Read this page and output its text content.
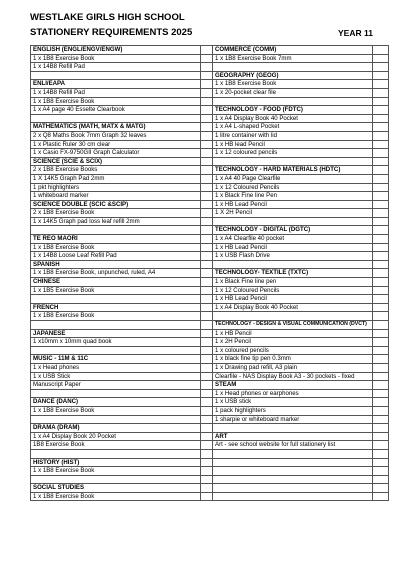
WESTLAKE GIRLS HIGH SCHOOL
STATIONERY REQUIREMENTS 2025	YEAR 11
ENGLISH (ENGL/ENGV/ENGW)	
1 x 1B8 Exercise Book	
1 x 14B8 Refill Pad	

ENLI/EAPA	
1 x 14B8 Refill Pad	
1 x 1B8 Exercise Book	
1 x A4 page 40 Esselte Clearbook	

MATHEMATICS (MATH, MATX & MATG)	
2 x Q8 Maths Book 7mm Graph 32 leaves	
1 x Plastic Ruler 30 cm clear	
1 x Casio FX-9750GII Graph Calculator	
SCIENCE (SCIE & SCIX)	
2 x 1B8 Exercise Books	
1 X 14K5 Graph Pad 2mm	
1 pkt highlighters	
1 whiteboard marker	
SCIENCE DOUBLE (SCIC &SCIP)	
2 x 1B8 Exercise Book	
1 x 14K5 Graph pad loss leaf refill 2mm	

TE REO MAORI	
1 x 1B8 Exercise Book	
1 x 14B8 Loose Leaf Refill Pad	
SPANISH	
1 x 1B8 Exercise Book, unpunched, ruled, A4	
CHINESE	
1 x 1B5 Exercise Book	

FRENCH	
1 x 1B8 Exercise Book	

JAPANESE	
1 x10mm x 10mm quad book	

MUSIC - 11M & 11C	
1 x Head phones	
1 x USB Stick	
Manuscript Paper	

DANCE (DANC)	
1 x 1B8 Exercise Book	

DRAMA (DRAM)	
1 x A4 Display Book 20 Pocket	
1B8 Exercise Book	

HISTORY (HIST)	
1 x 1B8 Exercise Book	

SOCIAL STUDIES	
1 x 1B8 Exercise Book	
COMMERCE (COMM)	
1 x 1B8 Exercise Book 7mm	

GEOGRAPHY (GEOG)	
1 x 1B8 Exercise Book	
1 x 20-pocket clear file	

TECHNOLOGY - FOOD (FDTC)	
1 x A4 Display Book 40 Pocket	
1 x A4 L-shaped Pocket	
1 litre container with lid	
1 x HB lead Pencil	
1 x 12 coloured pencils	

TECHNOLOGY - HARD MATERIALS (HDTC)	
1 x A4 40 Page Clearfile	
1 x 12 Coloured Pencils	
1 x Black Fine line Pen	
1 x HB Lead Pencil	
1 X 2H Pencil	

TECHNOLOGY - DIGITAL (DGTC)	
1 x A4 Clearfile 40 pocket	
1 x HB Lead Pencil	
1 x USB Flash Drive	

TECHNOLOGY- TEXTILE (TXTC)	
1 x Black Fine line pen	
1 x 12 Coloured Pencils	
1 x HB Lead Pencil	
1 x A4 Display Book 40 Pocket	

TECHNOLOGY - DESIGN & VISUAL COMMUNICATION (DVCT)	
1 x HB Pencil	
1 x 2H Pencil	
1 x coloured pencils	
1 x black fine tip pen 0.3mm	
1 x Drawing pad refill, A3 plain	
Clearfile - NAS Display Book A3 - 30 pockets - fixed	
STEAM	
1 x Head phones or earphones	
1 x USB stick	
1 pack highlighters	
1 sharpie or whiteboard marker	

ART	
Art - see school website for full stationery list	
